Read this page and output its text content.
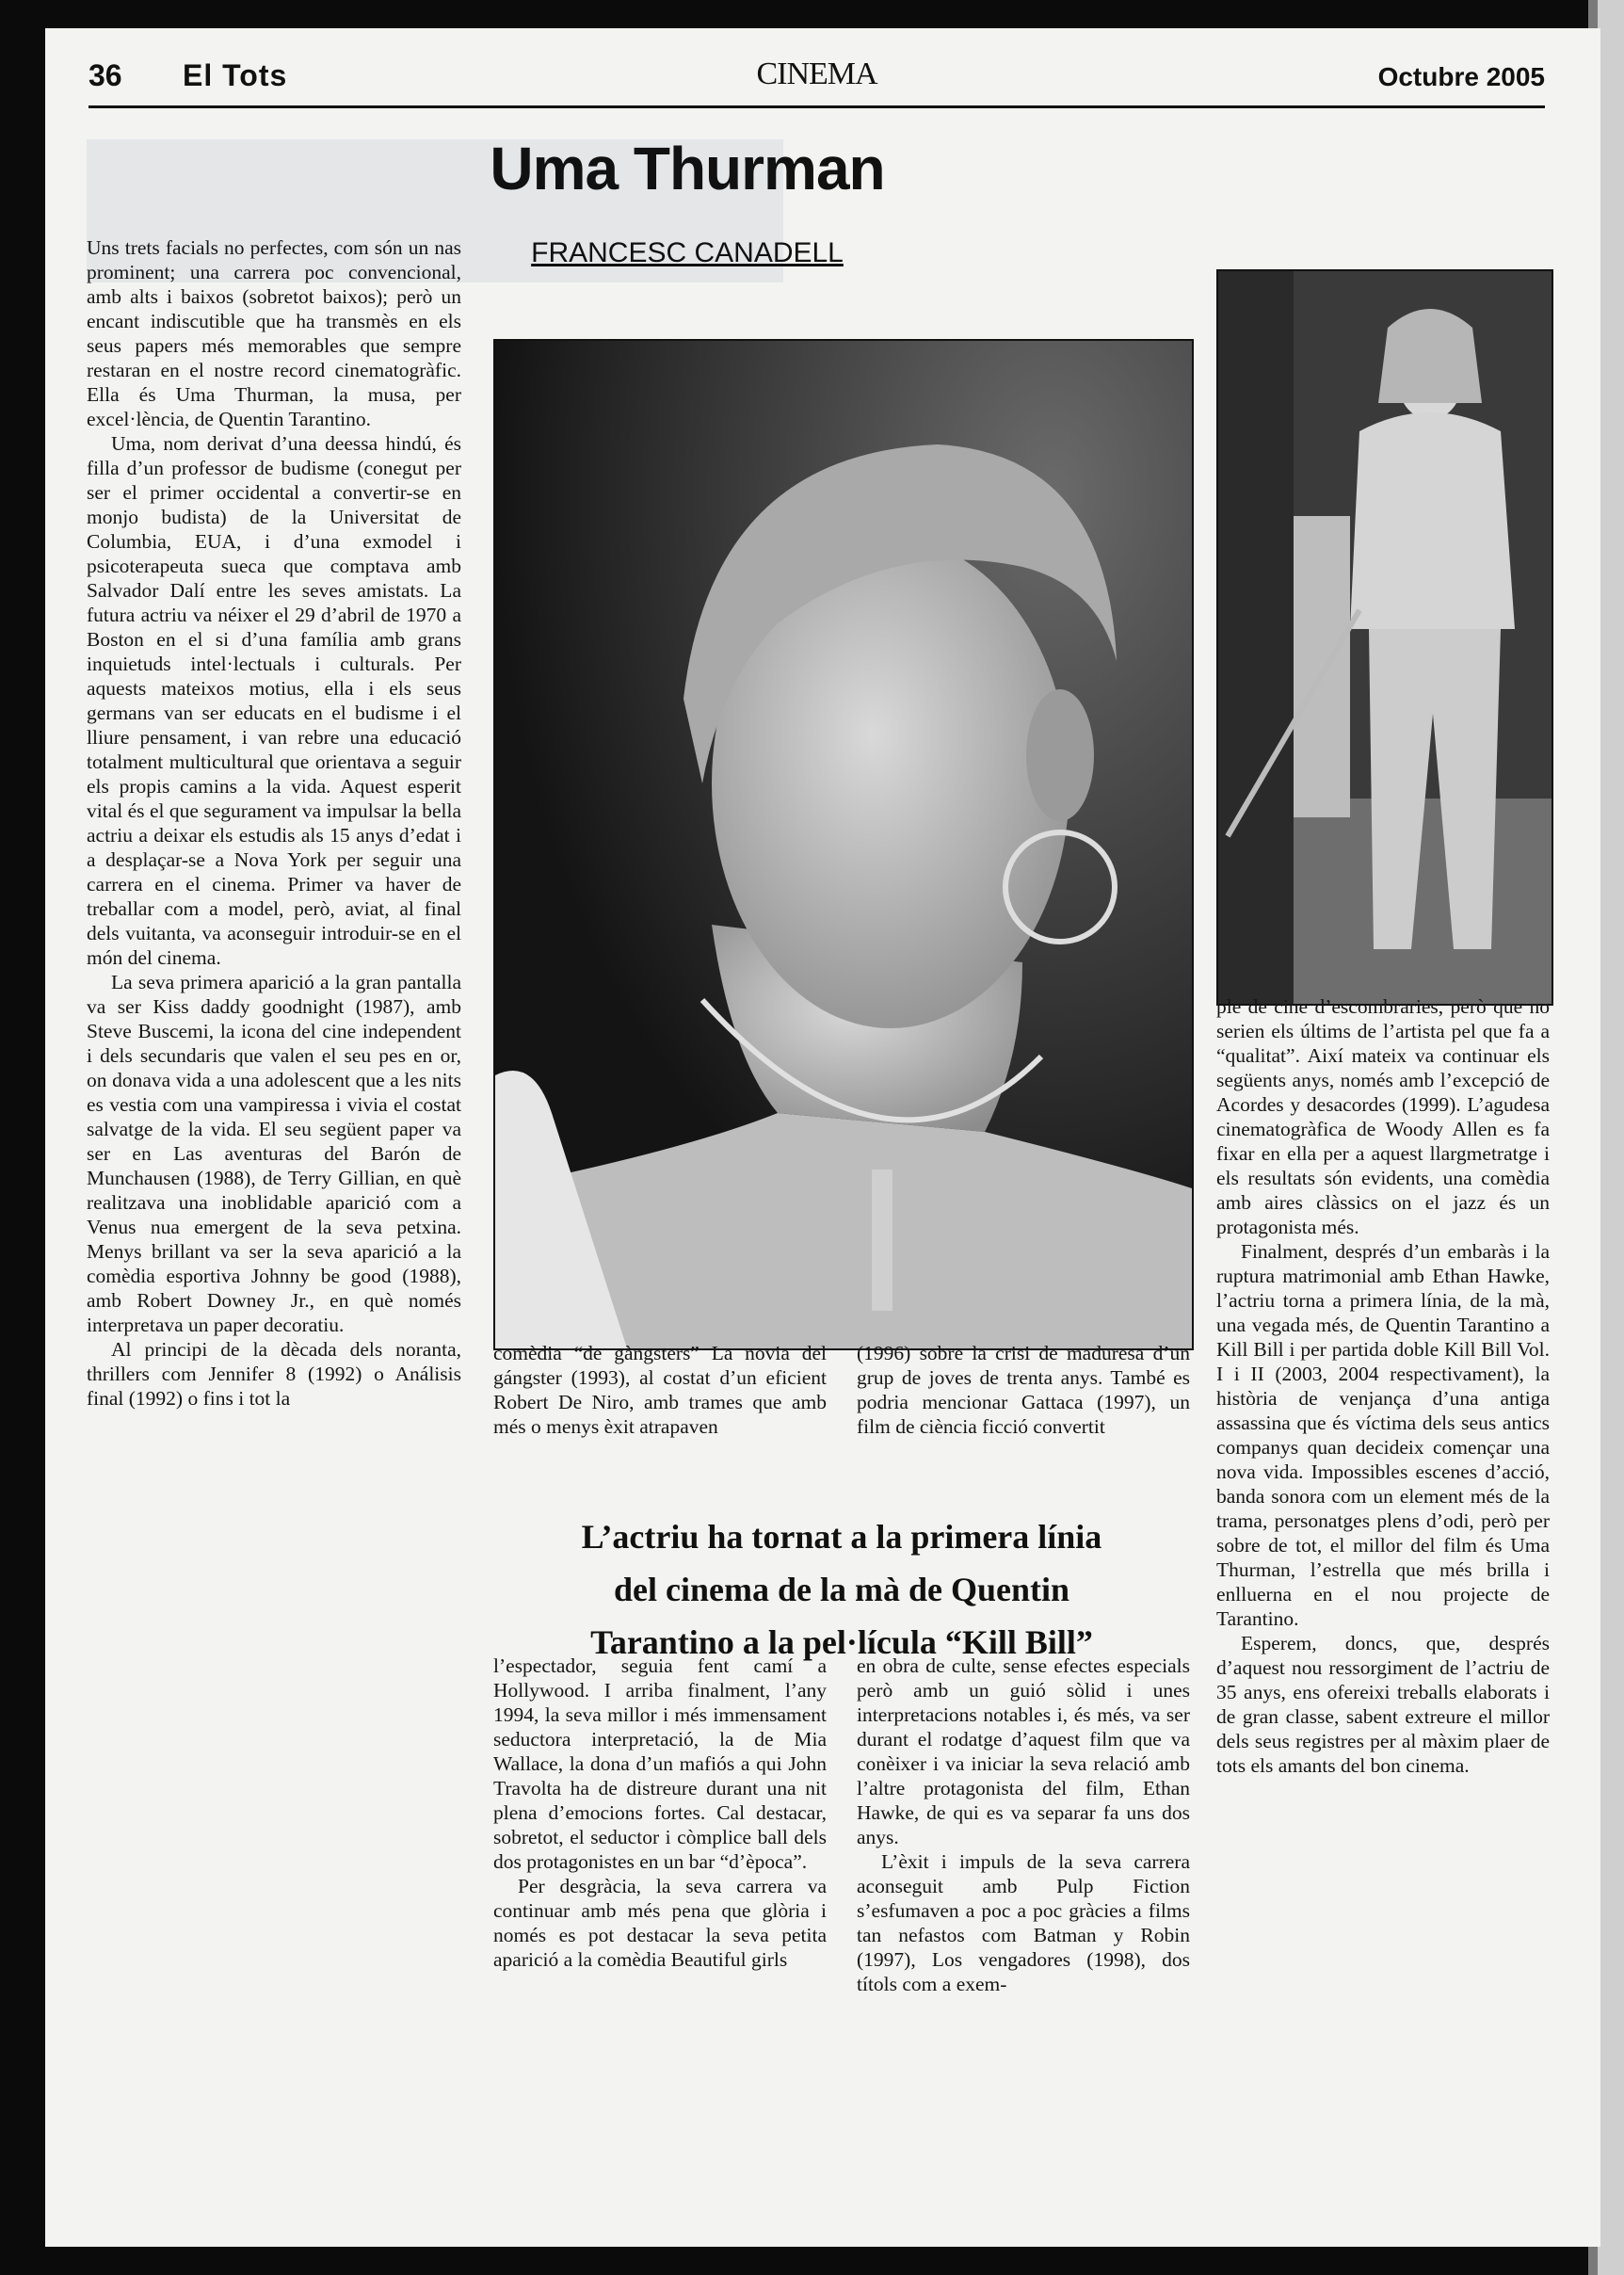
36 El Tots	CINEMA	Octubre 2005
Uma Thurman
FRANCESC CANADELL

Uns trets facials no perfectes, com són un nas prominent; una carrera poc convencional, amb alts i baixos (sobretot baixos); però un encant indiscutible que ha transmès en els seus papers més memorables que sempre restaran en el nostre record cinematogràfic. Ella és Uma Thurman, la musa, per excel·lència, de Quentin Tarantino.

Uma, nom derivat d’una deessa hindú, és filla d’un professor de budisme (conegut per ser el primer occidental a convertir-se en monjo budista) de la Universitat de Columbia, EUA, i d’una exmodel i psicoterapeuta sueca que comptava amb Salvador Dalí entre les seves amistats. La futura actriu va néixer el 29 d’abril de 1970 a Boston en el si d’una família amb grans inquietuds intel·lectuals i culturals. Per aquests mateixos motius, ella i els seus germans van ser educats en el budisme i el lliure pensament, i van rebre una educació totalment multicultural que orientava a seguir els propis camins a la vida. Aquest esperit vital és el que segurament va impulsar la bella actriu a deixar els estudis als 15 anys d’edat i a desplaçar-se a Nova York per seguir una carrera en el cinema. Primer va haver de treballar com a model, però, aviat, al final dels vuitanta, va aconseguir introduir-se en el món del cinema.

La seva primera aparició a la gran pantalla va ser Kiss daddy goodnight (1987), amb Steve Buscemi, la icona del cine independent i dels secundaris que valen el seu pes en or, on donava vida a una adolescent que a les nits es vestia com una vampiressa i vivia el costat salvatge de la vida. El seu següent paper va ser en Las aventuras del Barón de Munchausen (1988), de Terry Gillian, en què realitzava una inoblidable aparició com a Venus nua emergent de la seva petxina. Menys brillant va ser la seva aparició a la comèdia esportiva Johnny be good (1988), amb Robert Downey Jr., en què només interpretava un paper decoratiu.

Al principi de la dècada dels noranta, thrillers com Jennifer 8 (1992) o Análisis final (1992) o fins i tot la

comèdia “de gàngsters” La novia del gángster (1993), al costat d’un eficient Robert De Niro, amb trames que amb més o menys èxit atrapaven

l’espectador, seguia fent camí a Hollywood. I arriba finalment, l’any 1994, la seva millor i més immensament seductora interpretació, la de Mia Wallace, la dona d’un mafiós a qui John Travolta ha de distreure durant una nit plena d’emocions fortes. Cal destacar, sobretot, el seductor i còmplice ball dels dos protagonistes en un bar “d’època”.

Per desgràcia, la seva carrera va continuar amb més pena que glòria i només es pot destacar la seva petita aparició a la comèdia Beautiful girls

(1996) sobre la crisi de maduresa d’un grup de joves de trenta anys. També es podria mencionar Gattaca (1997), un film de ciència ficció convertit

en obra de culte, sense efectes especials però amb un guió sòlid i unes interpretacions notables i, és més, va ser durant el rodatge d’aquest film que va conèixer i va iniciar la seva relació amb l’altre protagonista del film, Ethan Hawke, de qui es va separar fa uns dos anys.

L’èxit i impuls de la seva carrera aconseguit amb Pulp Fiction s’esfumaven a poc a poc gràcies a films tan nefastos com Batman y Robin (1997), Los vengadores (1998), dos títols com a exem-

L’actriu ha tornat a la primera línia
del cinema de la mà de Quentin
Tarantino a la pel·lícula “Kill Bill”

ple de cine d’escombraries, però que no serien els últims de l’artista pel que fa a “qualitat”. Així mateix va continuar els següents anys, només amb l’excepció de Acordes y desacordes (1999). L’agudesa cinematogràfica de Woody Allen es fa fixar en ella per a aquest llargmetratge i els resultats són evidents, una comèdia amb aires clàssics on el jazz és un protagonista més.

Finalment, després d’un embaràs i la ruptura matrimonial amb Ethan Hawke, l’actriu torna a primera línia, de la mà, una vegada més, de Quentin Tarantino a Kill Bill i per partida doble Kill Bill Vol. I i II (2003, 2004 respectivament), la història de venjança d’una antiga assassina que és víctima dels seus antics companys quan decideix començar una nova vida. Impossibles escenes d’acció, banda sonora com un element més de la trama, personatges plens d’odi, però per sobre de tot, el millor del film és Uma Thurman, l’estrella que més brilla i enlluerna en el nou projecte de Tarantino.

Esperem, doncs, que, després d’aquest nou ressorgiment de l’actriu de 35 anys, ens ofereixi treballs elaborats i de gran classe, sabent extreure el millor dels seus registres per al màxim plaer de tots els amants del bon cinema.
